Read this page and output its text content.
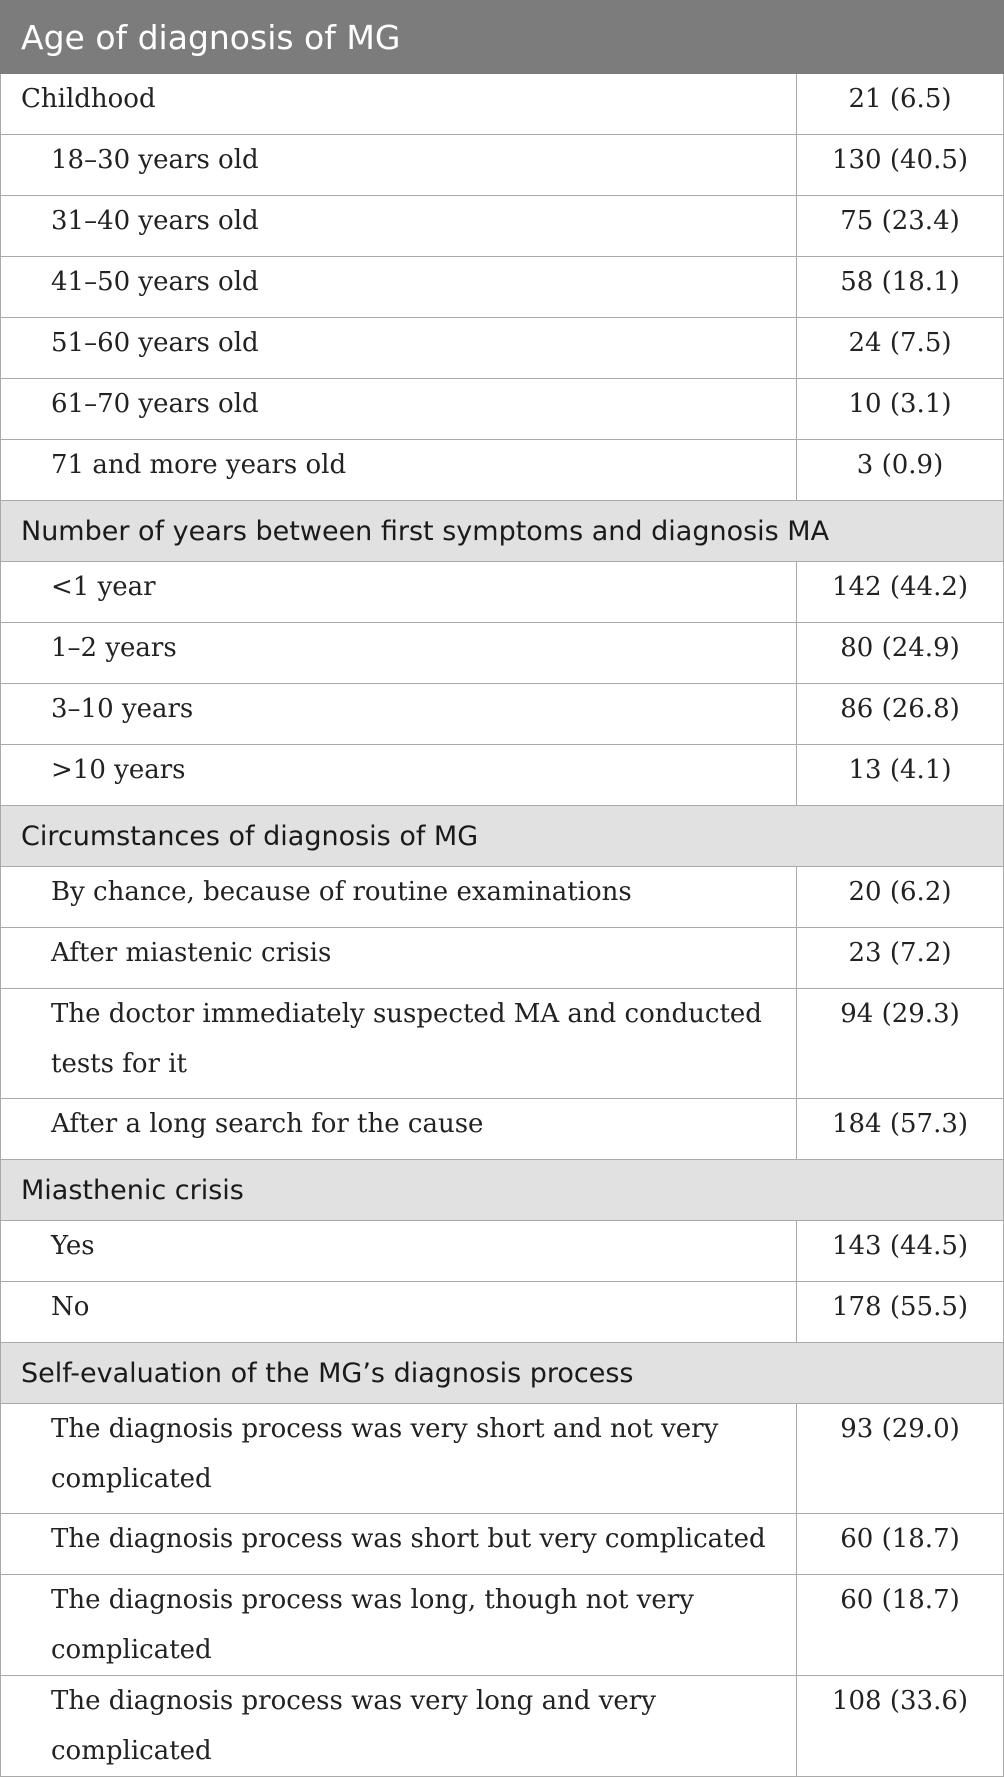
Age of diagnosis of MG	
Childhood	21 (6.5)
18–30 years old	130 (40.5)
31–40 years old	75 (23.4)
41–50 years old	58 (18.1)
51–60 years old	24 (7.5)
61–70 years old	10 (3.1)
71 and more years old	3 (0.9)
Number of years between first symptoms and diagnosis MA	
<1 year	142 (44.2)
1–2 years	80 (24.9)
3–10 years	86 (26.8)
>10 years	13 (4.1)
Circumstances of diagnosis of MG	
By chance, because of routine examinations	20 (6.2)
After miastenic crisis	23 (7.2)
The doctor immediately suspected MA and conducted tests for it	94 (29.3)
After a long search for the cause	184 (57.3)
Miasthenic crisis	
Yes	143 (44.5)
No	178 (55.5)
Self-evaluation of the MG’s diagnosis process	
The diagnosis process was very short and not very complicated	93 (29.0)
The diagnosis process was short but very complicated	60 (18.7)
The diagnosis process was long, though not very complicated	60 (18.7)
The diagnosis process was very long and very complicated	108 (33.6)
